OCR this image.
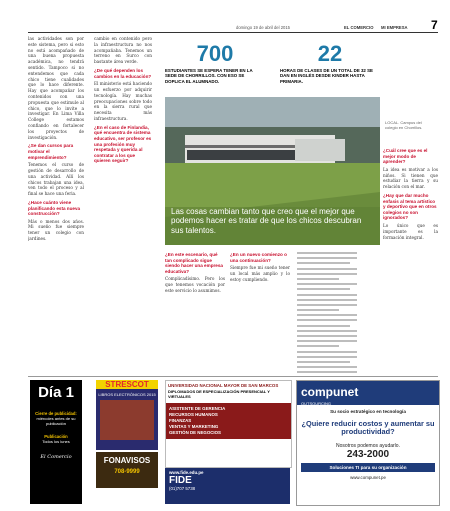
domingo 19 de abril del 2015	EL COMERCIO MI EMPRESA 7

las actividades son por este sistema, pero si esto no está acompañado de una buena propuesta académica, no tendrá sentido. Tampoco si no entendemos que cada chico tiene cualidades que lo hace diferente. Hay que acompañar los contenidos con una propuesta que estimule al chico, que lo invite a investigar. En Lima Villa College estamos confiando en fortalecer los proyectos de investigación.

¿Se dan cursos para motivar el emprendimiento?

Tenemos el curso de gestión de desarrollo de una actividad. Allí los chicos trabajan una idea, ven todo el proceso y al final se hace una feria.

¿Hace cuánto viene planificando esta nueva construcción?

Más o menos dos años. Mi sueño fue siempre tener un colegio con jardines.

cambio en contenido pero la infraestructura no nos acompañaba. Tenemos un terreno en Surco con bastante área verde.

¿De qué dependen los cambios en la educación?

El ministerio está haciendo un esfuerzo por adquirir tecnología. Hay muchas preocupaciones sobre todo en la sierra rural que necesita más infraestructura.

¿En el caso de Finlandia, qué encuentra de sistema educativo, ser profesor es una profesión muy respetada y querida al contratar a los que quieren seguir?

700
ESTUDIANTES SE ESPERA TENER EN LA SEDE DE CHORRILLOS. CON ESO SE DOPLICA EL ALUMNADO.
22
HORAS DE CLASES DE UN TOTAL DE 32 SE DAN EN INGLÉS DESDE KINDER HASTA PRIMARIA.
Las cosas cambian tanto que creo que el mejor que podemos hacer es tratar de que los chicos descubran sus talentos.
LOCAL. Campus del colegio en Chorrillos.

¿En este escenario, qué tan complicado sigue siendo hacer una empresa educativa?

Complicadísimo. Pero los que tenemos vocación por este servicio lo asumimos.

¿En un nuevo comienzo o una continuación?

Siempre fue mi sueño tener un local más amplio y lo estoy cumpliendo.

¿Cuál cree que es el mejor modo de aprender?

La idea es motivar a los niños. Si tienen que estudiar la tierra y su relación con el mar.

¿Hay que dar mucho enfasis al tema artístico y deportivo que en otros colegios no son ignorados?

Lo único que es importante es la formación integral.

Día 1
Cierre de publicidad:
miércoles antes de su publicación
Publicación
Todos los lunes
El Comercio
STRESCOT
LIBROS ELECTRÓNICOS 2015
FONAVISOS
708-9999
UNIVERSIDAD NACIONAL MAYOR DE SAN MARCOS
DIPLOMADOS DE ESPECIALIZACIÓN PRESENCIAL Y VIRTUALES
ASISTENTE DE GERENCIA
RECURSOS HUMANOS
FINANZAS
VENTAS Y MARKETING
GESTIÓN DE NEGOCIOS
www.fide.edu.pe
FIDE
(01)707 5738
compunet
OUTSOURCING
Su socio estratégico en tecnología
¿Quiere reducir costos y aumentar su productividad?
Nosotros podemos ayudarlo.
243-2000
Soluciones TI para su organización
www.compunet.pe
